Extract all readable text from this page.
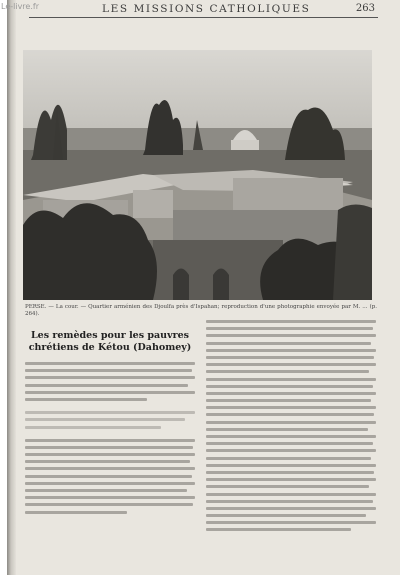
LES MISSIONS CATHOLIQUES	263
PERSE. — La cour. — Quartier arménien des Djoulfa près d'Ispahan; reproduction d'une photographie envoyée par M. ... (p. 264).
Les remèdes pour les pauvres chrétiens de Kétou (Dahomey)
Le-livre.fr
